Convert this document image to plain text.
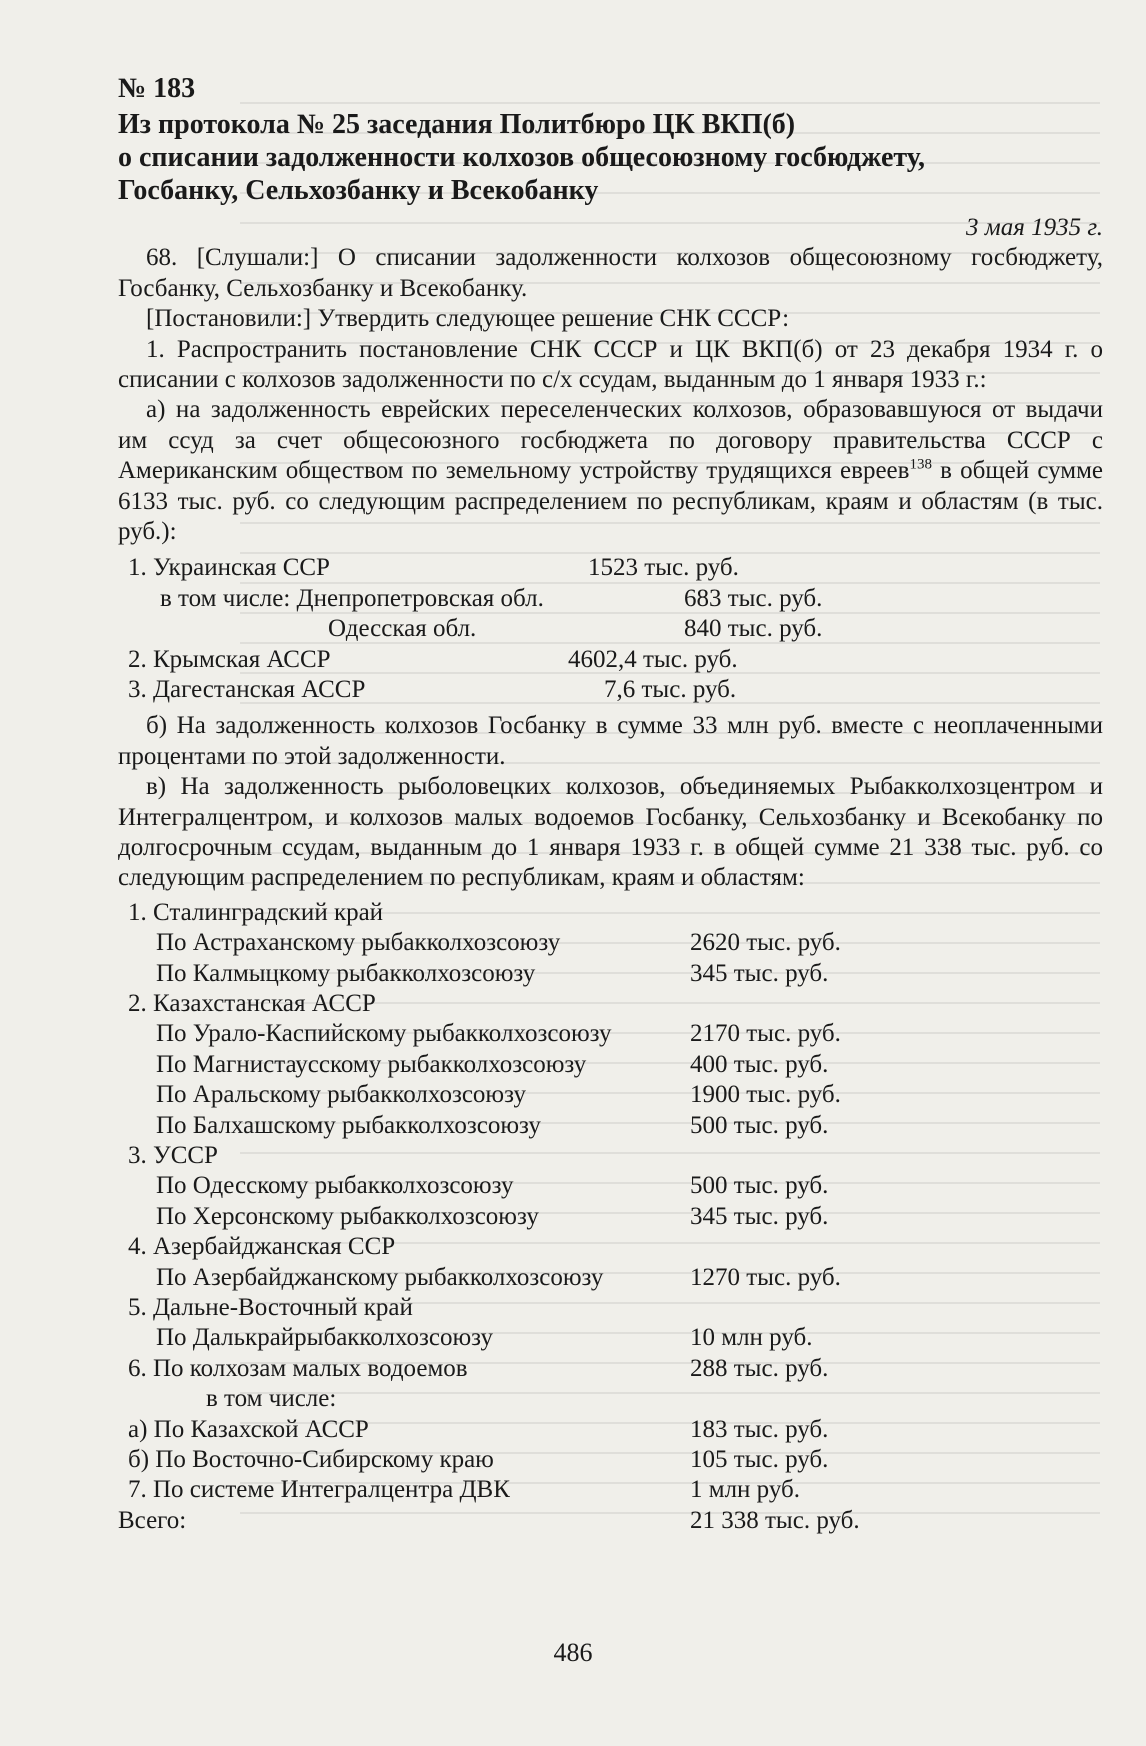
№ 183
Из протокола № 25 заседания Политбюро ЦК ВКП(б)
о списании задолженности колхозов общесоюзному госбюджету,
Госбанку, Сельхозбанку и Всекобанку
3 мая 1935 г.

68. [Слушали:] О списании задолженности колхозов общесоюзному госбюджету, Госбанку, Сельхозбанку и Всекобанку.

[Постановили:] Утвердить следующее решение СНК СССР:

1. Распространить постановление СНК СССР и ЦК ВКП(б) от 23 декабря 1934 г. о списании с колхозов задолженности по с/х ссудам, выданным до 1 января 1933 г.:

а) на задолженность еврейских переселенческих колхозов, образовавшуюся от выдачи им ссуд за счет общесоюзного госбюджета по договору правительства СССР с Американским обществом по земельному устройству трудящихся евреев$^{138}$ в общей сумме 6133 тыс. руб. со следующим распределением по республикам, краям и областям (в тыс. руб.):

1. Украинская ССР	1523 тыс. руб.
в том числе: Днепропетровская обл.	683 тыс. руб.
Одесская обл.	840 тыс. руб.
2. Крымская АССР	4602,4 тыс. руб.
3. Дагестанская АССР	7,6 тыс. руб.

б) На задолженность колхозов Госбанку в сумме 33 млн руб. вместе с неоплаченными процентами по этой задолженности.

в) На задолженность рыболовецких колхозов, объединяемых Рыбакколхозцентром и Интегралцентром, и колхозов малых водоемов Госбанку, Сельхозбанку и Всекобанку по долгосрочным ссудам, выданным до 1 января 1933 г. в общей сумме 21 338 тыс. руб. со следующим распределением по республикам, краям и областям:

1. Сталинградский край
По Астраханскому рыбакколхозсоюзу	2620 тыс. руб.
По Калмыцкому рыбакколхозсоюзу	345 тыс. руб.
2. Казахстанская АССР
По Урало-Каспийскому рыбакколхозсоюзу	2170 тыс. руб.
По Магнистаусскому рыбакколхозсоюзу	400 тыс. руб.
По Аральскому рыбакколхозсоюзу	1900 тыс. руб.
По Балхашскому рыбакколхозсоюзу	500 тыс. руб.
3. УССР
По Одесскому рыбакколхозсоюзу	500 тыс. руб.
По Херсонскому рыбакколхозсоюзу	345 тыс. руб.
4. Азербайджанская ССР
По Азербайджанскому рыбакколхозсоюзу	1270 тыс. руб.
5. Дальне-Восточный край
По Далькрайрыбакколхозсоюзу	10 млн руб.
6. По колхозам малых водоемов	288 тыс. руб.
в том числе:
а) По Казахской АССР	183 тыс. руб.
б) По Восточно-Сибирскому краю	105 тыс. руб.
7. По системе Интегралцентра ДВК	1 млн руб.
Всего:	21 338 тыс. руб.
486
